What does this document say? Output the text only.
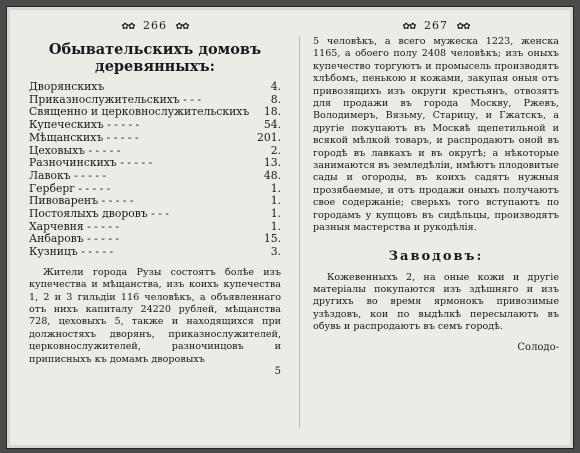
✿✿ 266 ✿✿
Обывательскихъ домовъ деревянныхъ:
Дворянскихъ	4.
Приказнослужительскихъ - - -	8.
Священно и церковнослужительскихъ	18.
Купеческихъ - - - - -	54.
Мѣщанскихъ - - - - -	201.
Цеховыхъ - - - - -	2.
Разночинскихъ - - - - -	13.
Лавокъ - - - - -	48.
Герберг - - - - -	1.
Пивоваренъ - - - - -	1.
Постоялыхъ дворовъ - - -	1.
Харчевня - - - - -	1.
Анбаровъ - - - - -	15.
Кузницъ - - - - -	3.
Жители города Рузы состоятъ болѣе изъ купечества и мѣщанства, изъ коихъ купечества 1, 2 и 3 гильдіи 116 человѣкъ, а объявленнаго отъ нихъ капиталу 24220 рублей, мѣщанства 728, цеховыхъ 5, также и находящихся при должностяхъ дворянъ, приказнослужителей, церковнослужителей, разночинцовъ и приписныхъ къ домамъ дворовыхъ
5
✿✿ 267 ✿✿
5 человѣкъ, а всего мужеска 1223, женска 1165, а обоего полу 2408 человѣкъ; изъ оныхъ купечество торгуютъ и промысель производятъ хлѣбомъ, пенькою и кожами, закупая оныя отъ привозящихъ изъ округи крестьянъ, отвозятъ для продажи въ города Москву, Ржевъ, Володимеръ, Вязьму, Старицу, и Гжатскъ, а другіе покупаютъ въ Москвѣ щепетильной и всякой мѣлкой товаръ, и распродаютъ оной въ городѣ въ лавкахъ и въ округѣ; а нѣкоторые занимаются въ земледѣліи, имѣютъ плодовитые сады и огороды, въ коихъ садятъ нужныя прозябаемые, и отъ продажи оныхъ получаютъ свое содержаніе; сверьхъ того вступаютъ по городамъ у купцовъ въ сидѣльцы, производятъ разныя мастерства и рукодѣлія.
Заводовъ:
Кожевенныхъ 2, на оные кожи и другіе матеріалы покупаются изъ здѣшняго и изъ другихъ во время ярмонокъ привозимые узѣздовъ, кои по выдѣлкѣ пересылаютъ въ обувь и распродаютъ въ семъ городѣ.
Солодо-
